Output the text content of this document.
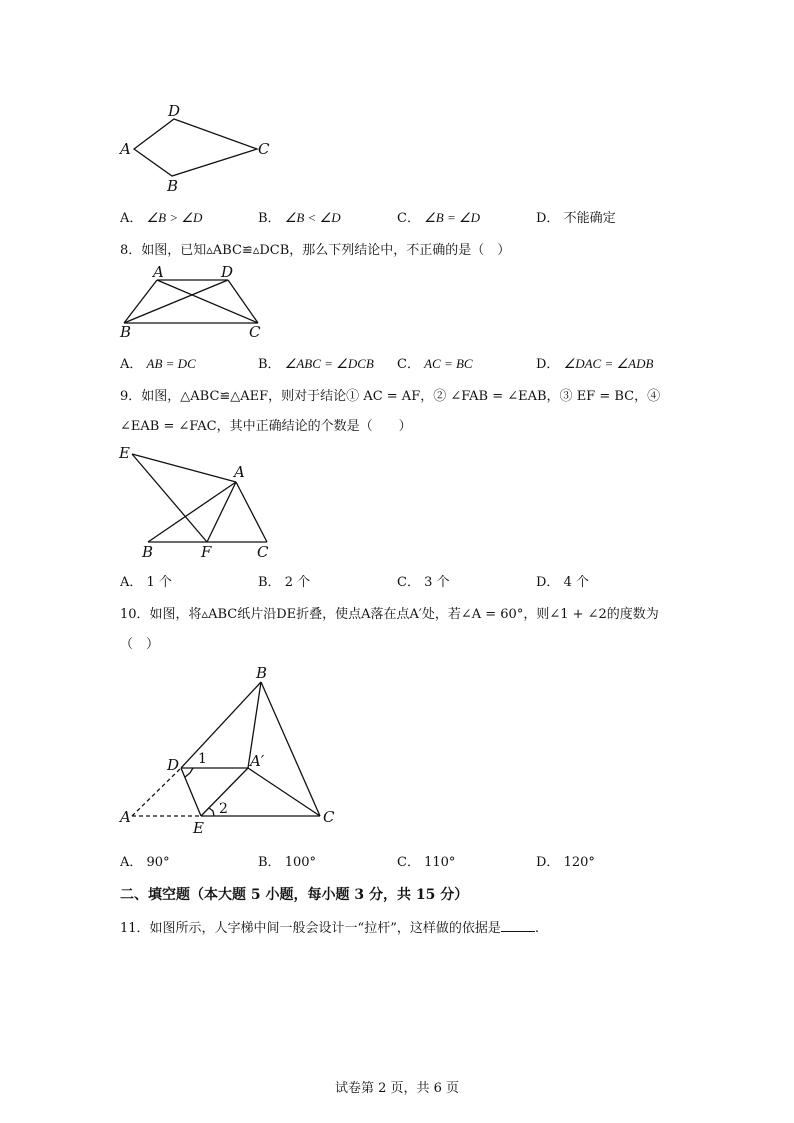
D
A	C
B
A． ∠B > ∠D	B． ∠B < ∠D	C． ∠B = ∠D	D． 不能确定
8．如图，已知▵ABC≌▵DCB，那么下列结论中，不正确的是（　）
A	D
B	C
A． AB = DC	B． ∠ABC = ∠DCB C． AC = BC	D． ∠DAC = ∠ADB
9．如图，△ABC≌△AEF，则对于结论① AC = AF，② ∠FAB = ∠EAB，③ EF = BC，④
∠EAB = ∠FAC，其中正确结论的个数是（　　）
E
A
B	F	C
A． 1 个	B． 2 个	C． 3 个	D． 4 个
10．如图，将▵ABC纸片沿DE折叠，使点A落在点A′处，若∠A = 60°，则∠1 + ∠2的度数为
（　）
B
D	A′
A
E
C
1
2
A． 90°	B． 100°	C． 110°	D． 120°
二、填空题（本大题 5 小题，每小题 3 分，共 15 分）
11．如图所示，人字梯中间一般会设计一“拉杆”，这样做的依据是	.
试卷第 2 页，共 6 页
